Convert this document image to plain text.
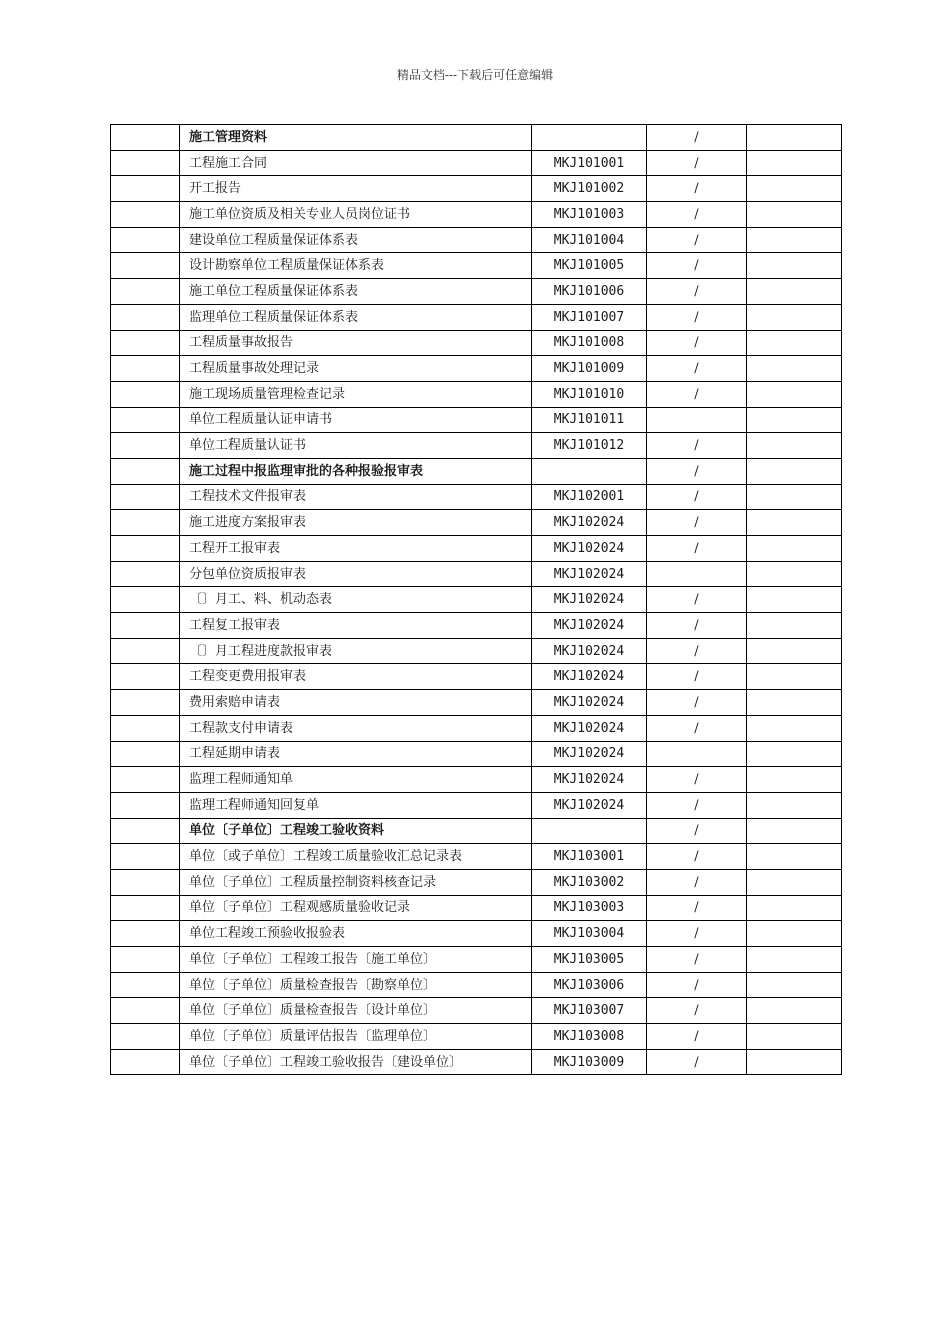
精品文档---下载后可任意编辑
	施工管理资料		/	
	工程施工合同	MKJ101001	/	
	开工报告	MKJ101002	/	
	施工单位资质及相关专业人员岗位证书	MKJ101003	/	
	建设单位工程质量保证体系表	MKJ101004	/	
	设计勘察单位工程质量保证体系表	MKJ101005	/	
	施工单位工程质量保证体系表	MKJ101006	/	
	监理单位工程质量保证体系表	MKJ101007	/	
	工程质量事故报告	MKJ101008	/	
	工程质量事故处理记录	MKJ101009	/	
	施工现场质量管理检查记录	MKJ101010	/	
	单位工程质量认证申请书	MKJ101011		
	单位工程质量认证书	MKJ101012	/	
	施工过程中报监理审批的各种报验报审表		/	
	工程技术文件报审表	MKJ102001	/	
	施工进度方案报审表	MKJ102024	/	
	工程开工报审表	MKJ102024	/	
	分包单位资质报审表	MKJ102024		
	〔〕月工、料、机动态表	MKJ102024	/	
	工程复工报审表	MKJ102024	/	
	〔〕月工程进度款报审表	MKJ102024	/	
	工程变更费用报审表	MKJ102024	/	
	费用索赔申请表	MKJ102024	/	
	工程款支付申请表	MKJ102024	/	
	工程延期申请表	MKJ102024		
	监理工程师通知单	MKJ102024	/	
	监理工程师通知回复单	MKJ102024	/	
	单位〔子单位〕工程竣工验收资料		/	
	单位〔或子单位〕工程竣工质量验收汇总记录表	MKJ103001	/	
	单位〔子单位〕工程质量控制资料核查记录	MKJ103002	/	
	单位〔子单位〕工程观感质量验收记录	MKJ103003	/	
	单位工程竣工预验收报验表	MKJ103004	/	
	单位〔子单位〕工程竣工报告〔施工单位〕	MKJ103005	/	
	单位〔子单位〕质量检查报告〔勘察单位〕	MKJ103006	/	
	单位〔子单位〕质量检查报告〔设计单位〕	MKJ103007	/	
	单位〔子单位〕质量评估报告〔监理单位〕	MKJ103008	/	
	单位〔子单位〕工程竣工验收报告〔建设单位〕	MKJ103009	/	
